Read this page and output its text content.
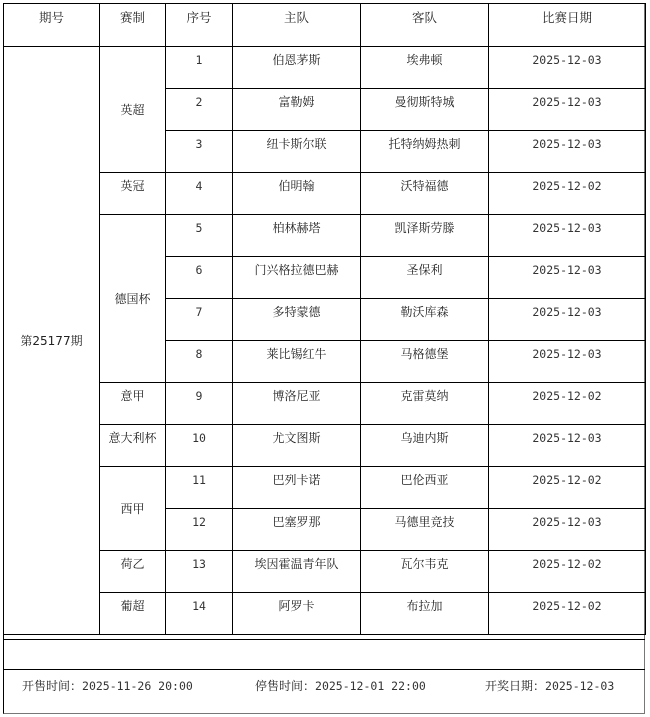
期号	赛制	序号	主队	客队	比赛日期
第25177期	英超	1	伯恩茅斯	埃弗顿	2025-12-03
		2	富勒姆	曼彻斯特城	2025-12-03
		3	纽卡斯尔联	托特纳姆热刺	2025-12-03
	英冠	4	伯明翰	沃特福德	2025-12-02
	德国杯	5	柏林赫塔	凯泽斯劳滕	2025-12-03
		6	门兴格拉德巴赫	圣保利	2025-12-03
		7	多特蒙德	勒沃库森	2025-12-03
		8	莱比锡红牛	马格德堡	2025-12-03
	意甲	9	博洛尼亚	克雷莫纳	2025-12-02
	意大利杯	10	尤文图斯	乌迪内斯	2025-12-03
	西甲	11	巴列卡诺	巴伦西亚	2025-12-02
		12	巴塞罗那	马德里竞技	2025-12-03
	荷乙	13	埃因霍温青年队	瓦尔韦克	2025-12-02
	葡超	14	阿罗卡	布拉加	2025-12-02
开售时间：2025-11-26 20:00	停售时间：2025-12-01 22:00	开奖日期：2025-12-03
